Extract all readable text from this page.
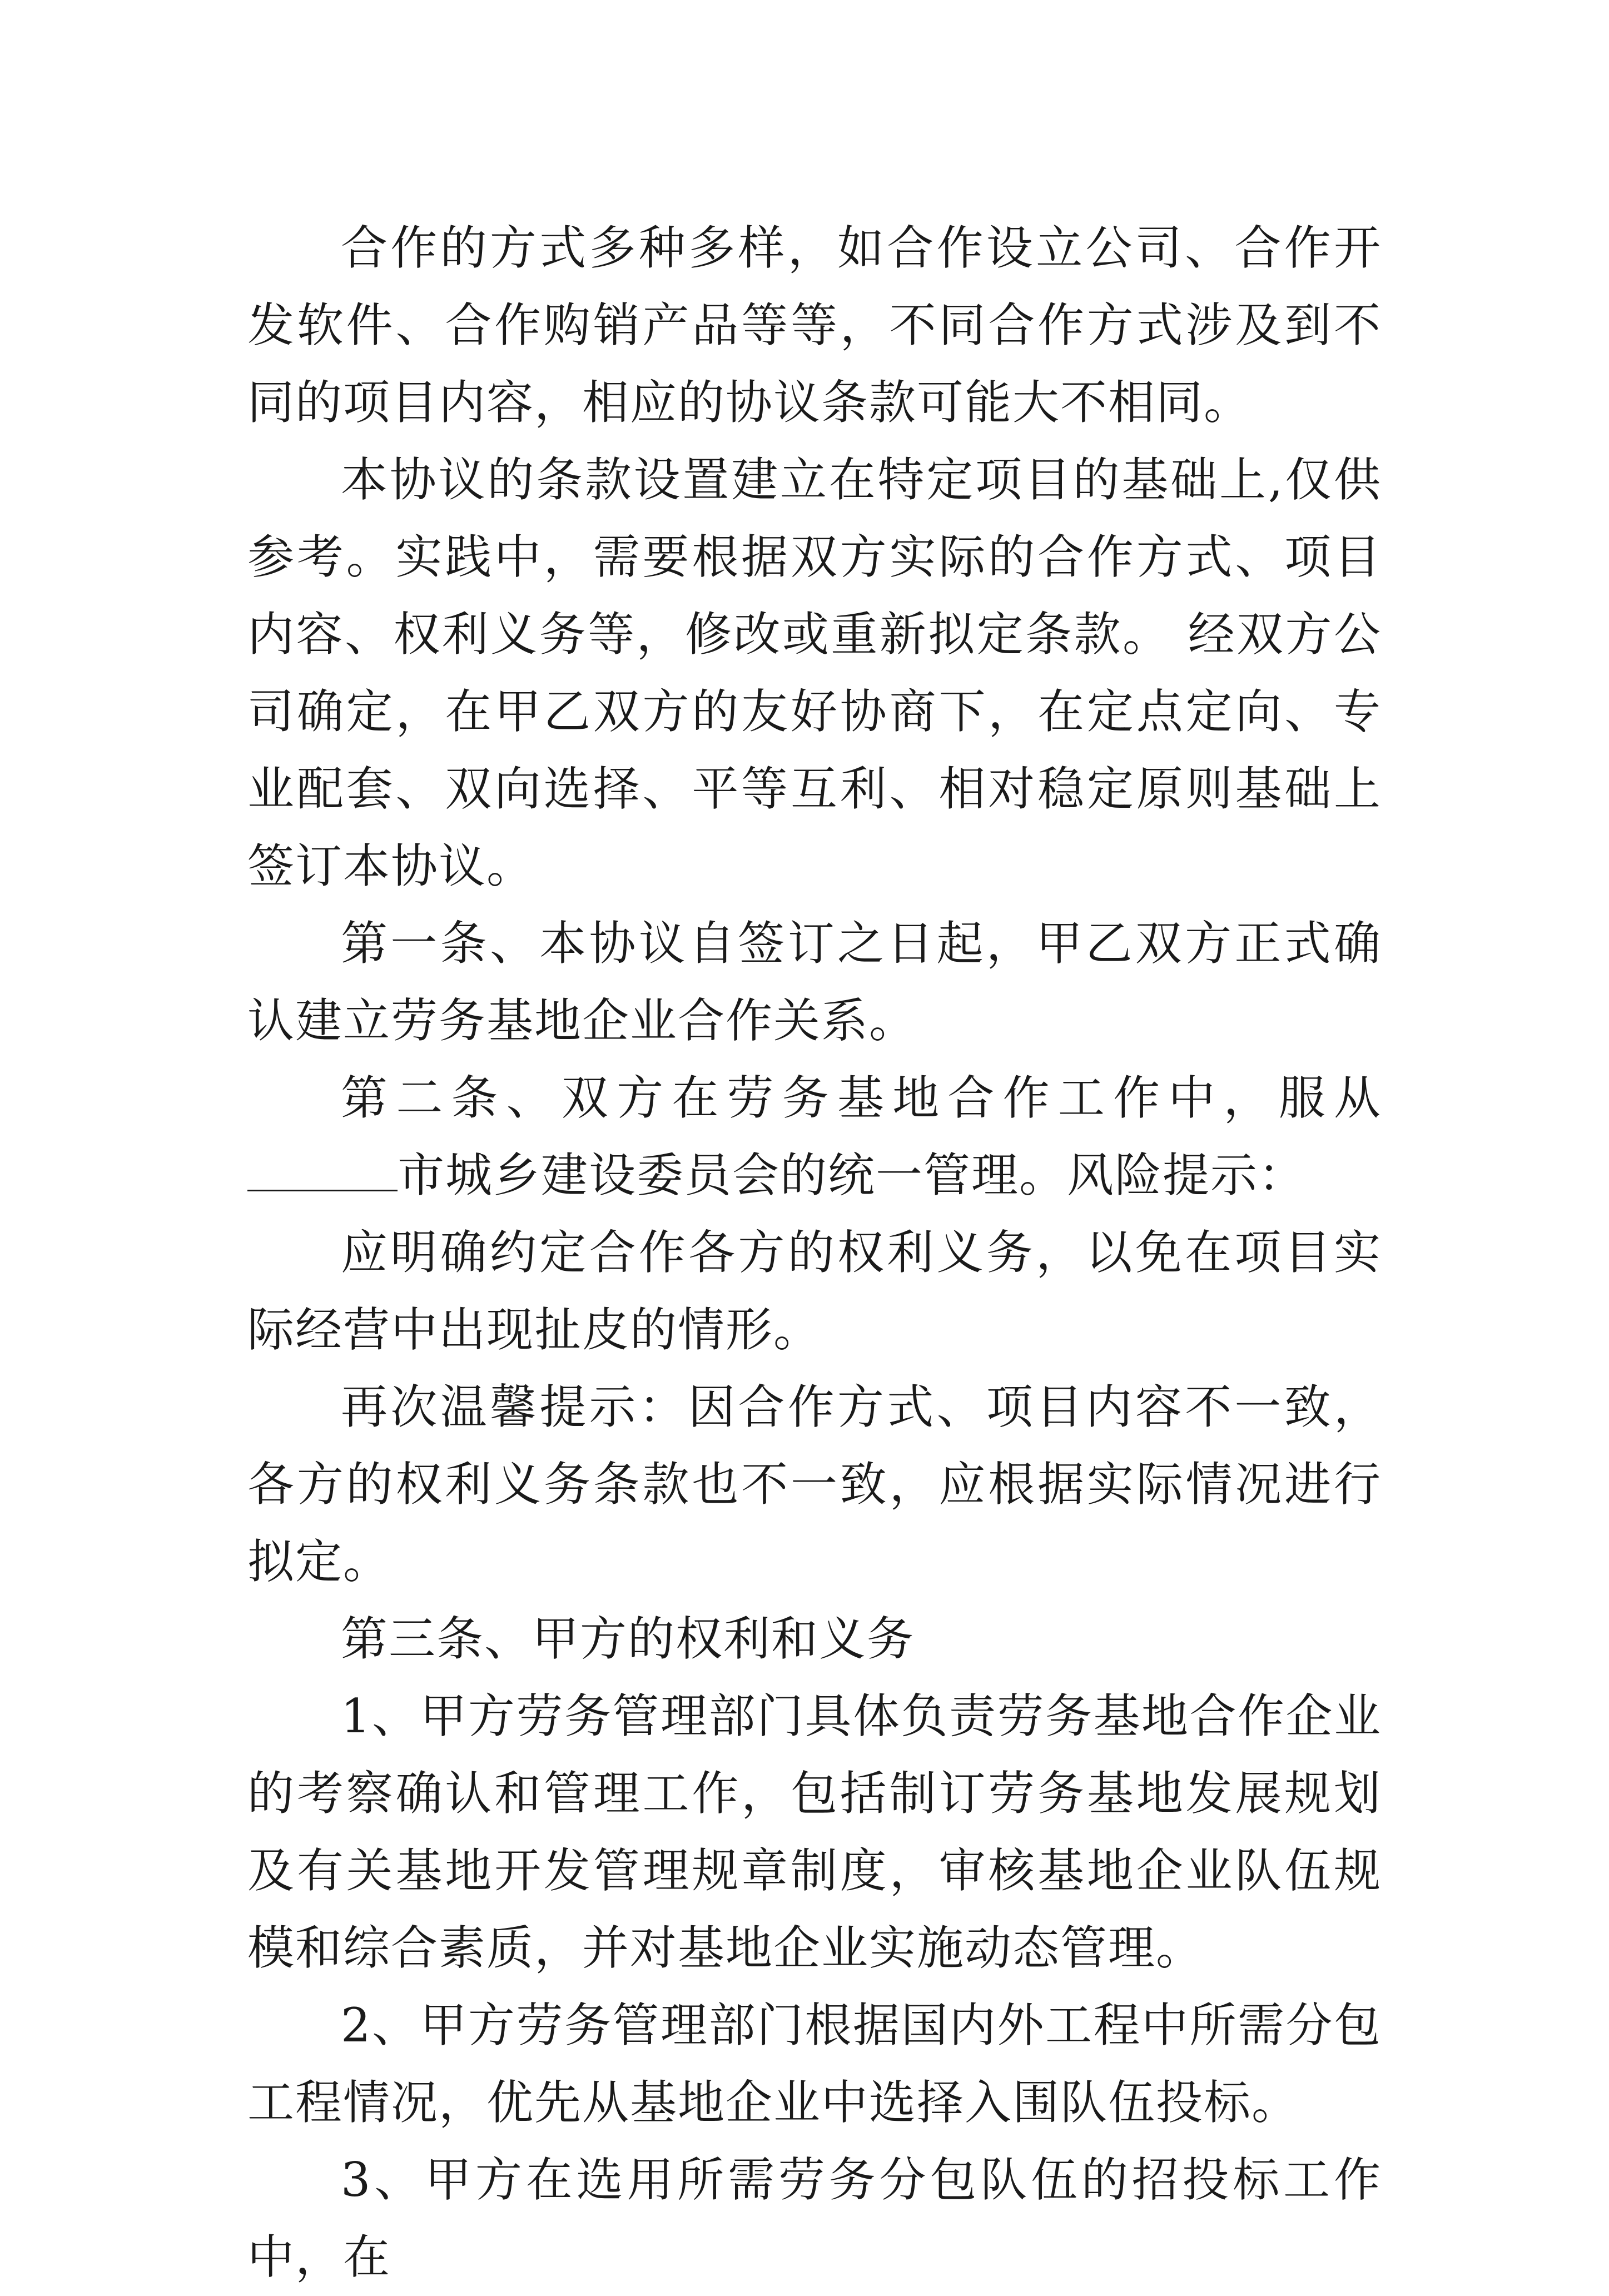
合作的方式多种多样，如合作设立公司、合作开发软件、合作购销产品等等，不同合作方式涉及到不同的项目内容，相应的协议条款可能大不相同。

本协议的条款设置建立在特定项目的基础上,仅供参考。实践中，需要根据双方实际的合作方式、项目内容、权利义务等，修改或重新拟定条款。 经双方公司确定，在甲乙双方的友好协商下，在定点定向、专业配套、双向选择、平等互利、相对稳定原则基础上签订本协议。

第一条、本协议自签订之日起，甲乙双方正式确认建立劳务基地企业合作关系。

第二条、双方在劳务基地合作工作中，服从市城乡建设委员会的统一管理。风险提示：

应明确约定合作各方的权利义务，以免在项目实际经营中出现扯皮的情形。

再次温馨提示：因合作方式、项目内容不一致，各方的权利义务条款也不一致，应根据实际情况进行拟定。

第三条、甲方的权利和义务

1、甲方劳务管理部门具体负责劳务基地合作企业的考察确认和管理工作，包括制订劳务基地发展规划及有关基地开发管理规章制度，审核基地企业队伍规模和综合素质，并对基地企业实施动态管理。

2、甲方劳务管理部门根据国内外工程中所需分包工程情况，优先从基地企业中选择入围队伍投标。

3、甲方在选用所需劳务分包队伍的招投标工作中，在
